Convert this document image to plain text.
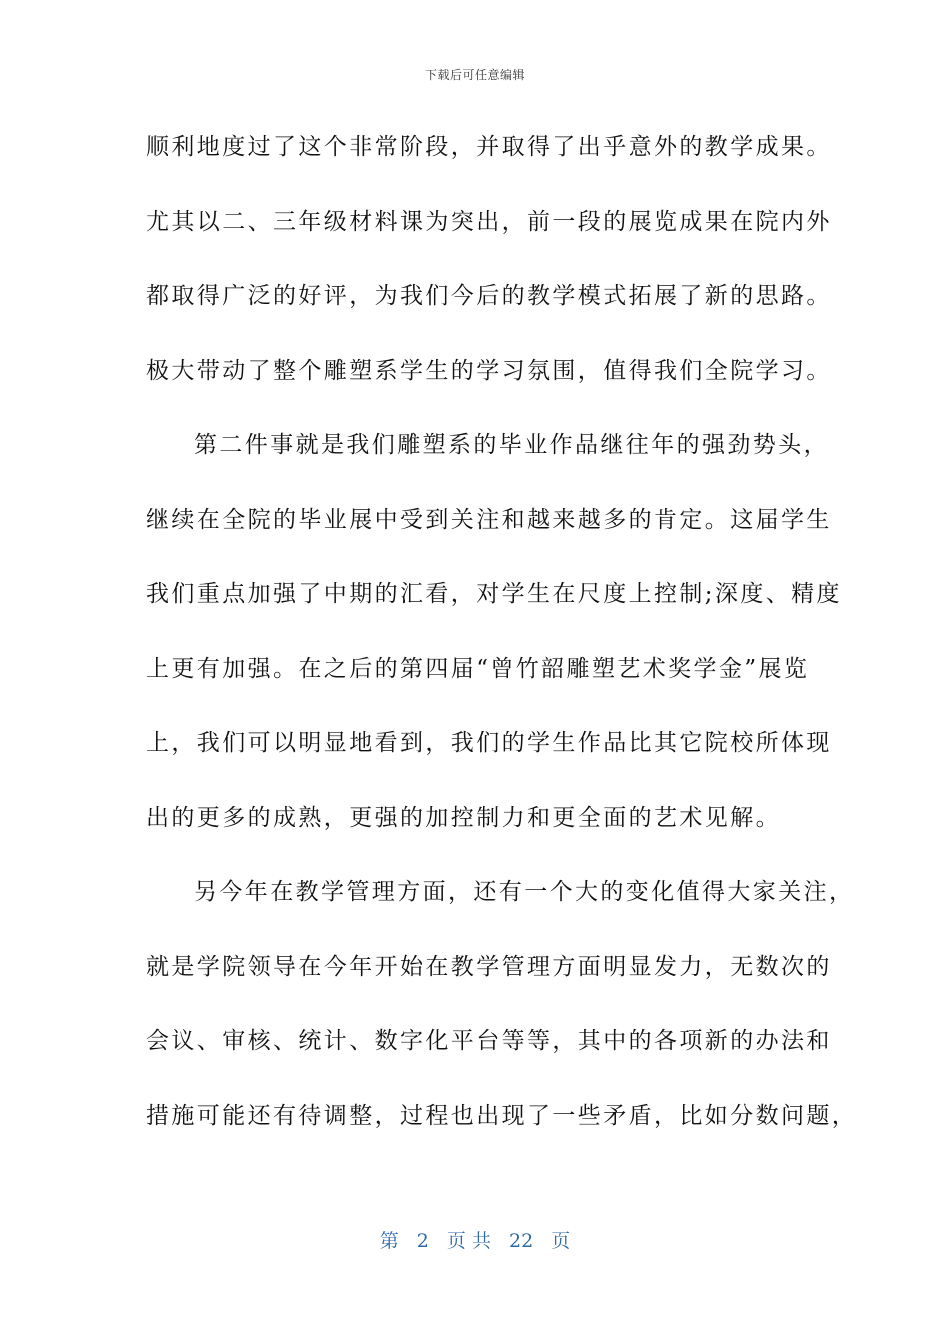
下载后可任意编辑
顺利地度过了这个非常阶段，并取得了出乎意外的教学成果。
尤其以二、三年级材料课为突出，前一段的展览成果在院内外
都取得广泛的好评，为我们今后的教学模式拓展了新的思路。
极大带动了整个雕塑系学生的学习氛围，值得我们全院学习。
第二件事就是我们雕塑系的毕业作品继往年的强劲势头，
继续在全院的毕业展中受到关注和越来越多的肯定。这届学生
我们重点加强了中期的汇看，对学生在尺度上控制;深度、精度
上更有加强。在之后的第四届“曾竹韶雕塑艺术奖学金”展览
上，我们可以明显地看到，我们的学生作品比其它院校所体现
出的更多的成熟，更强的加控制力和更全面的艺术见解。
另今年在教学管理方面，还有一个大的变化值得大家关注，
就是学院领导在今年开始在教学管理方面明显发力，无数次的
会议、审核、统计、数字化平台等等，其中的各项新的办法和
措施可能还有待调整，过程也出现了一些矛盾，比如分数问题，
第 2 页 共 22 页
